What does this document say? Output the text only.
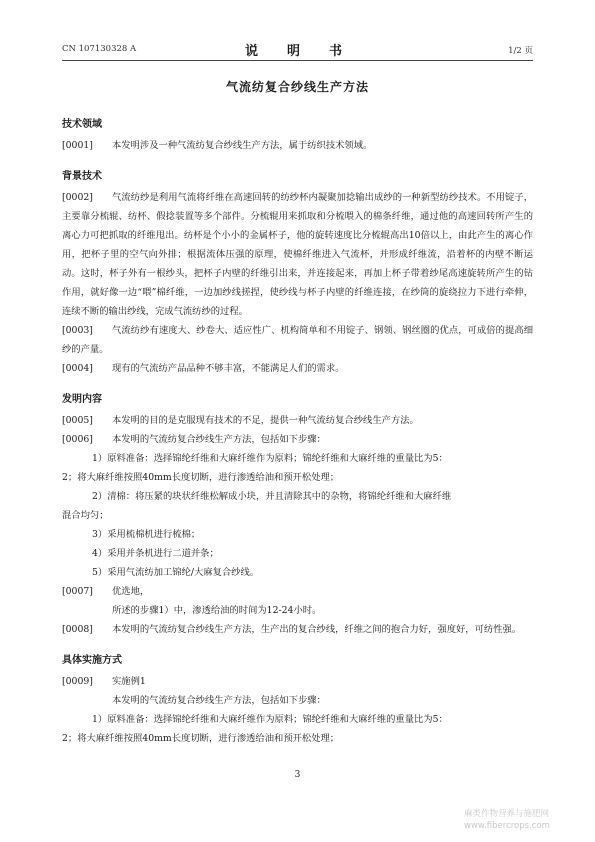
CN 107130328 A	说　明　书	1/2 页
气流纺复合纱线生产方法
技术领域

[0001] 本发明涉及一种气流纺复合纱线生产方法，属于纺织技术领域。

背景技术

[0002] 气流纺纱是利用气流将纤维在高速回转的纺纱杯内凝聚加捻输出成纱的一种新型纺纱技术。不用锭子，主要靠分梳辊、纺杯、假捻装置等多个部件。分梳辊用来抓取和分梳喂入的棉条纤维，通过他的高速回转所产生的离心力可把抓取的纤维甩出。纺杯是个小小的金属杯子，他的旋转速度比分梳辊高出10倍以上，由此产生的离心作用，把杯子里的空气向外排；根据流体压强的原理，使棉纤维进入气流杯，并形成纤维流，沿着杯的内壁不断运动。这时，杯子外有一根纱头，把杯子内壁的纤维引出来，并连接起来，再加上杯子带着纱尾高速旋转所产生的钻作用，就好像一边“喂”棉纤维，一边加纱线搓捏，使纱线与杯子内壁的纤维连接，在纱筒的旋绕拉力下进行牵伸，连续不断的输出纱线，完成气流纺纱的过程。

[0003] 气流纺纱有速度大、纱卷大、适应性广、机构简单和不用锭子、钢领、钢丝圈的优点，可成倍的提高细纱的产量。

[0004] 现有的气流纺产品品种不够丰富，不能满足人们的需求。

发明内容

[0005] 本发明的目的是克服现有技术的不足，提供一种气流纺复合纱线生产方法。

[0006] 本发明的气流纺复合纱线生产方法，包括如下步骤：

1）原料准备：选择锦纶纤维和大麻纤维作为原料；锦纶纤维和大麻纤维的重量比为5：

2；将大麻纤维按照40mm长度切断，进行渗透给油和预开松处理；

2）清棉：将压紧的块状纤维松解成小块，并且清除其中的杂物，将锦纶纤维和大麻纤维

混合均匀；

3）采用梳棉机进行梳棉；

4）采用并条机进行二道并条；

5）采用气流纺加工锦纶/大麻复合纱线。

[0007] 优选地，

所述的步骤1）中，渗透给油的时间为12-24小时。

[0008] 本发明的气流纺复合纱线生产方法，生产出的复合纱线，纤维之间的抱合力好，强度好，可纺性强。

具体实施方式

[0009] 实施例1

本发明的气流纺复合纱线生产方法，包括如下步骤：

1）原料准备：选择锦纶纤维和大麻纤维作为原料；锦纶纤维和大麻纤维的重量比为5：

2；将大麻纤维按照40mm长度切断，进行渗透给油和预开松处理；

3
麻类作物营养与施肥网
www.fibercrops.com
